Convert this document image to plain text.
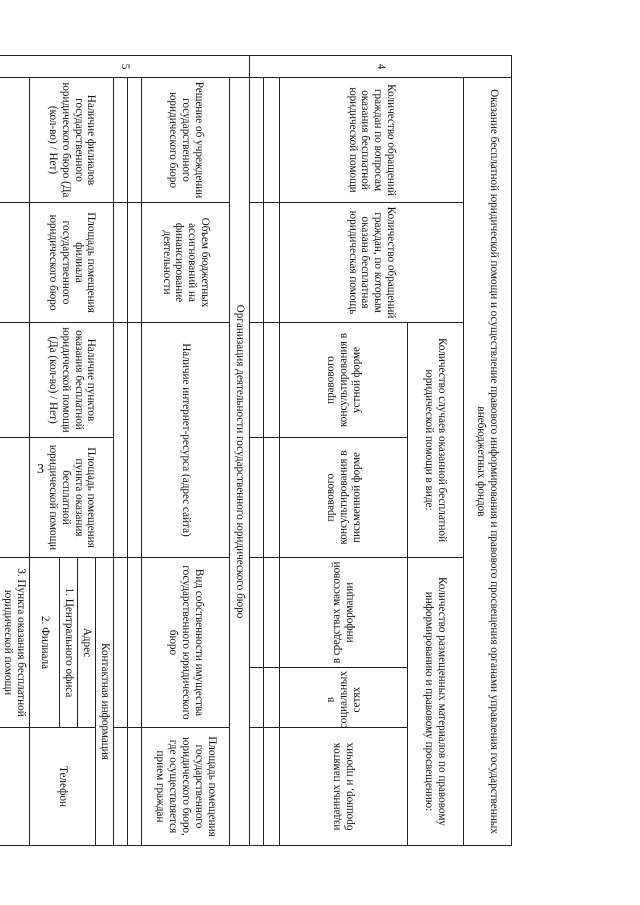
3
4	Оказание бесплатной юридической помощи и осуществление правового информирования и правового просвещения органами управления государственных внебюджетных фондов						
	Количество обращений граждан по вопросам оказания бесплатной юридической помощи	Количество обращений граждан, по которым оказана бесплатная юридическая помощь	Количество случаев оказанной бесплатной юридической помощи в виде:		Количество размещенных материалов по правовому информированию и правовому просвещению:		
			правового консультирования в устной форме	правового консультирования в письменной форме	в средствах массовой информации	в социальных сетях	изданных памяток брошюр, и прочих

5	Организация деятельности государственного юридического бюро						
	Решение об учреждении государственного юридического бюро	Объем бюджетных ассигнований на финансирование деятельности	Наличие интернет-ресурса (адрес сайта)		Вид собственности имущества государственного юридического бюро		Площадь помещения государственного юридического бюро, где осуществляется прием граждан

	Наличие филиалов государственного юридического бюро (Да (кол-во) / Нет)	Площадь помещения филиала государственного юридического бюро	Наличие пунктов оказания бесплатной юридической помощи (Да (кол-во) / Нет)	Площадь помещения пункта оказания бесплатной юридической помощи	Контактная информация		
					Адрес		Телефон
					1. Центрального офиса		
					2. Филиала		
					3. Пункта оказания бесплатной юридической помощи		
